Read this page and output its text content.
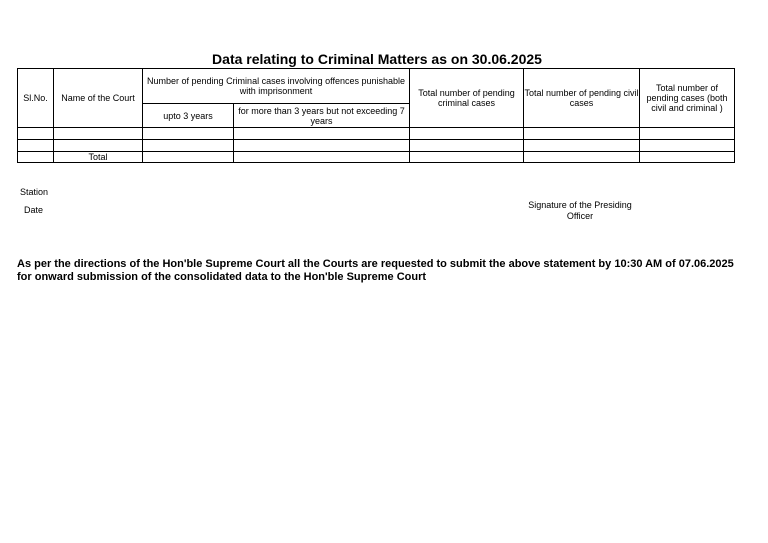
Data relating to Criminal Matters as on 30.06.2025
Sl.No.	Name of the Court	Number of pending Criminal cases involving offences punishable with imprisonment		Total number of pending criminal cases	Total number of pending civil cases	Total number of pending cases (both civil and criminal )
		upto 3 years	for more than 3 years but not exceeding 7 years			

	Total					
Station
Date	Signature of the Presiding Officer
As per the directions of the Hon'ble Supreme Court all the Courts are requested to submit the above statement by 10:30 AM of 07.06.2025 for onward submission of the consolidated data to the Hon'ble Supreme Court
